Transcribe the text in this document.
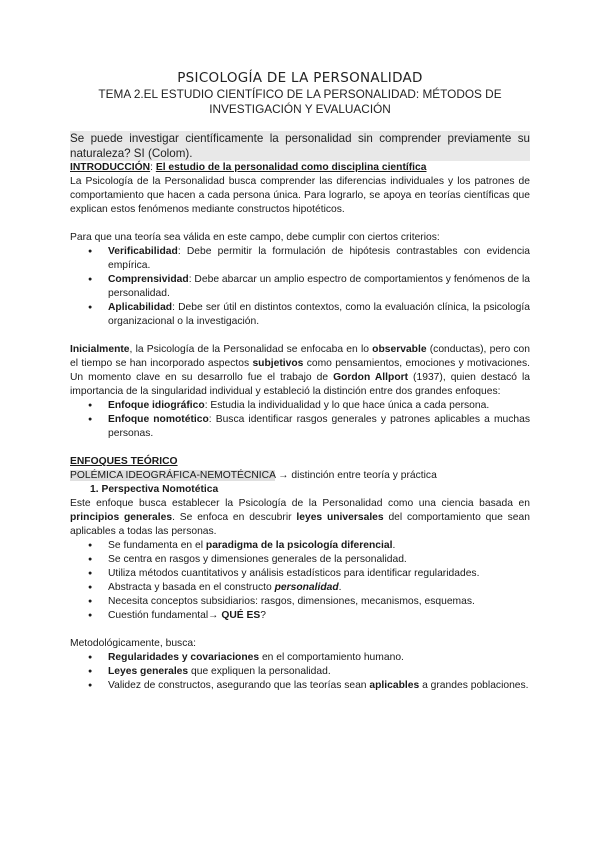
PSICOLOGÍA DE LA PERSONALIDAD

TEMA 2.EL ESTUDIO CIENTÍFICO DE LA PERSONALIDAD: MÉTODOS DE
INVESTIGACIÓN Y EVALUACIÓN

Se puede investigar científicamente la personalidad sin comprender previamente su naturaleza? SI (Colom).

INTRODUCCIÓN: El estudio de la personalidad como disciplina científica

La Psicología de la Personalidad busca comprender las diferencias individuales y los patrones de comportamiento que hacen a cada persona única. Para lograrlo, se apoya en teorías científicas que explican estos fenómenos mediante constructos hipotéticos.

Para que una teoría sea válida en este campo, debe cumplir con ciertos criterios:

● Verificabilidad: Debe permitir la formulación de hipótesis contrastables con evidencia empírica.
● Comprensividad: Debe abarcar un amplio espectro de comportamientos y fenómenos de la personalidad.
● Aplicabilidad: Debe ser útil en distintos contextos, como la evaluación clínica, la psicología organizacional o la investigación.

Inicialmente, la Psicología de la Personalidad se enfocaba en lo observable (conductas), pero con el tiempo se han incorporado aspectos subjetivos como pensamientos, emociones y motivaciones. Un momento clave en su desarrollo fue el trabajo de Gordon Allport (1937), quien destacó la importancia de la singularidad individual y estableció la distinción entre dos grandes enfoques:

● Enfoque idiográfico: Estudia la individualidad y lo que hace única a cada persona.
● Enfoque nomotético: Busca identificar rasgos generales y patrones aplicables a muchas personas.

ENFOQUES TEÓRICO

POLÉMICA IDEOGRÁFICA-NEMOTÉCNICA → distinción entre teoría y práctica

1. Perspectiva Nomotética

Este enfoque busca establecer la Psicología de la Personalidad como una ciencia basada en principios generales. Se enfoca en descubrir leyes universales del comportamiento que sean aplicables a todas las personas.

● Se fundamenta en el paradigma de la psicología diferencial.
● Se centra en rasgos y dimensiones generales de la personalidad.
● Utiliza métodos cuantitativos y análisis estadísticos para identificar regularidades.
● Abstracta y basada en el constructo personalidad.
● Necesita conceptos subsidiarios: rasgos, dimensiones, mecanismos, esquemas.
● Cuestión fundamental→ QUÉ ES?

Metodológicamente, busca:

● Regularidades y covariaciones en el comportamiento humano.
● Leyes generales que expliquen la personalidad.
● Validez de constructos, asegurando que las teorías sean aplicables a grandes poblaciones.
